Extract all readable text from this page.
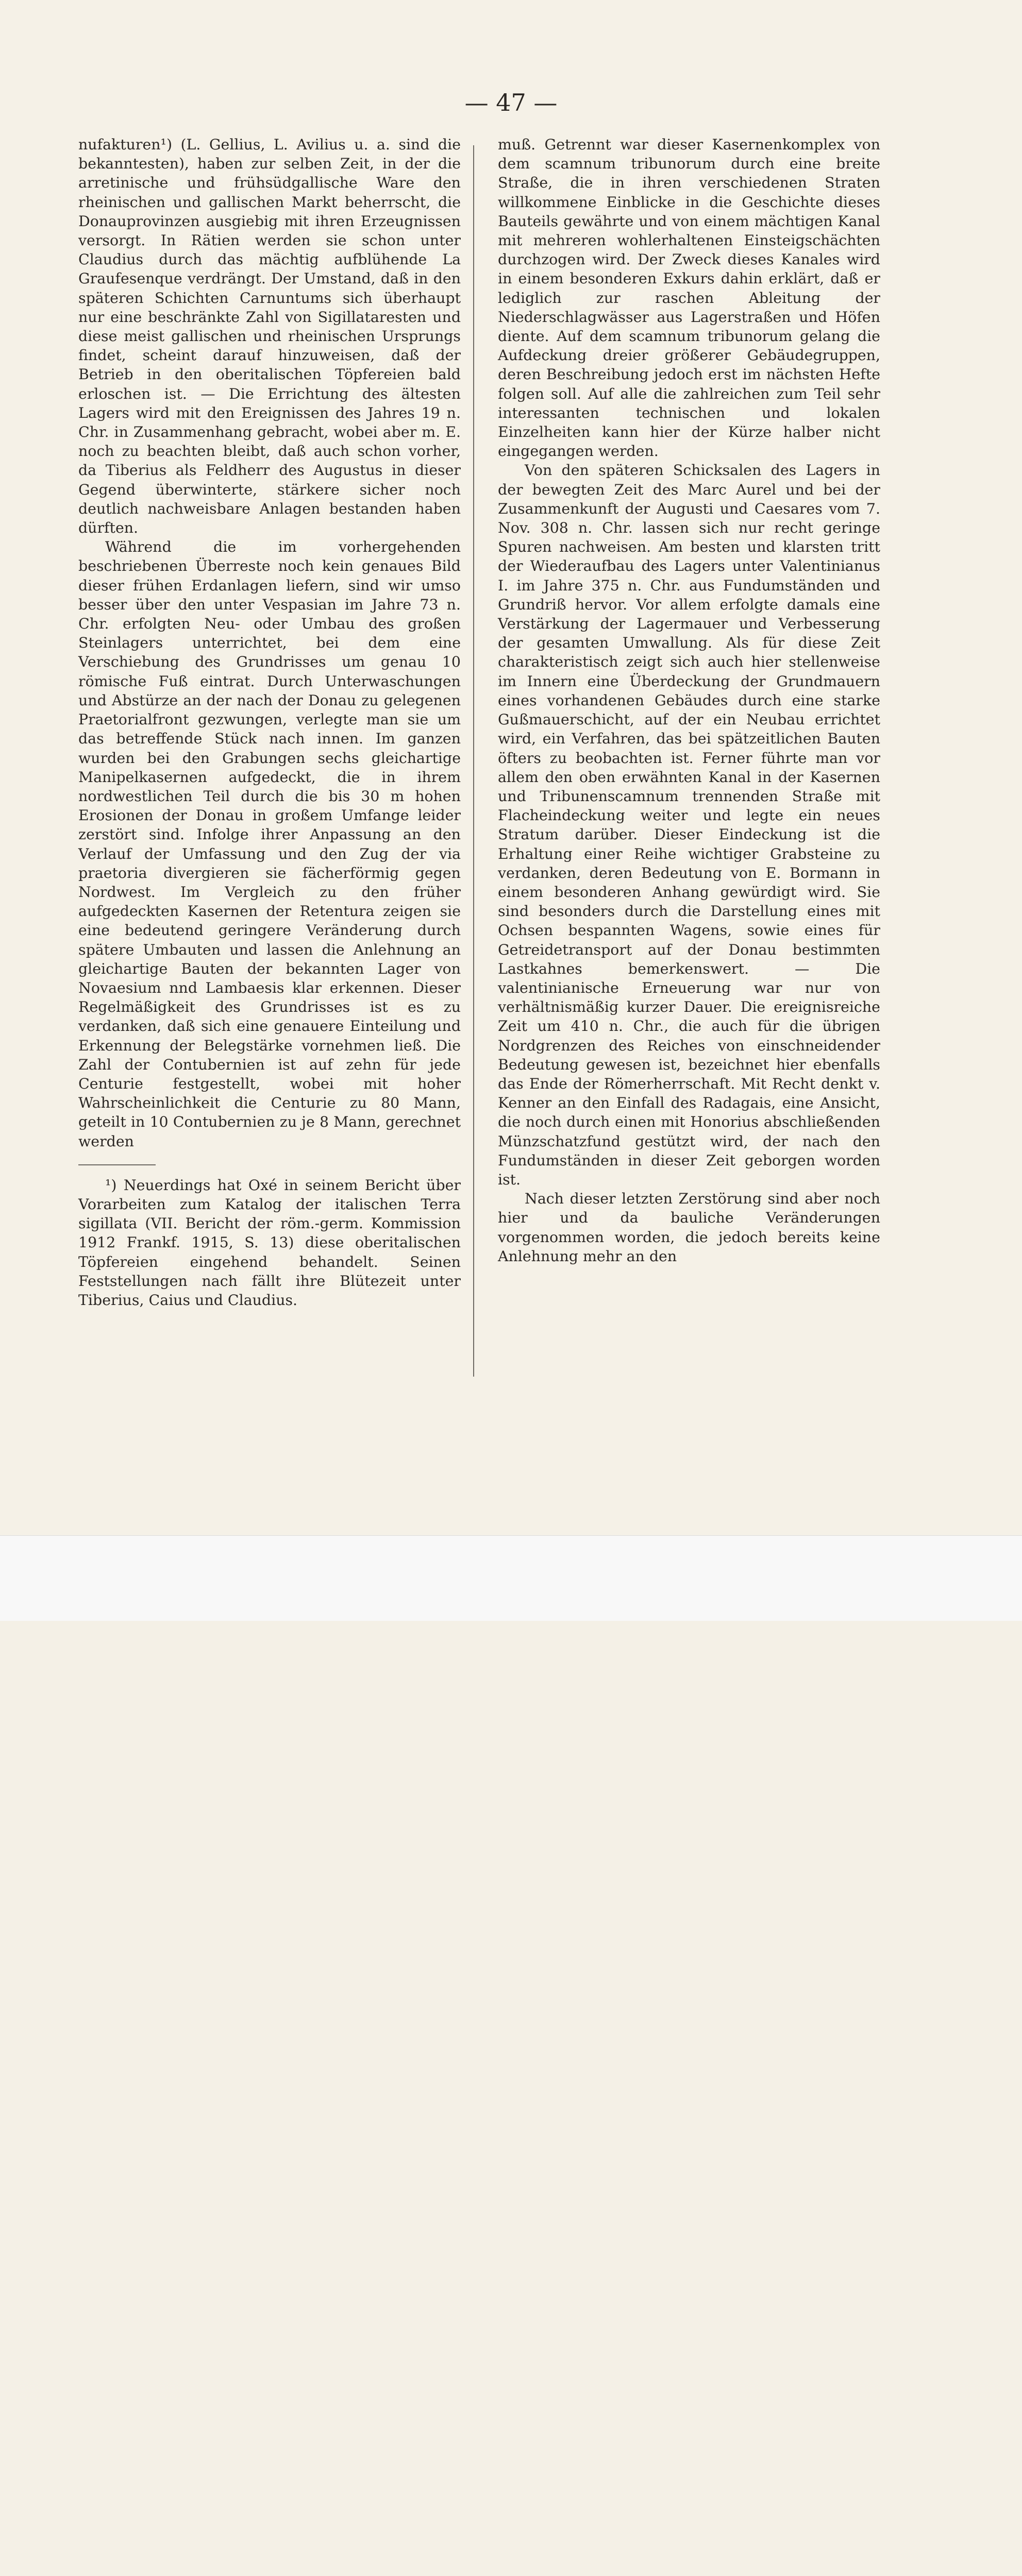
— 47 —

nufakturen¹) (L. Gellius, L. Avilius u. a. sind die bekanntesten), haben zur selben Zeit, in der die arretinische und frühsüdgallische Ware den rheinischen und gallischen Markt beherrscht, die Donauprovinzen ausgiebig mit ihren Erzeugnissen versorgt. In Rätien werden sie schon unter Claudius durch das mächtig aufblühende La Graufesenque verdrängt. Der Umstand, daß in den späteren Schichten Carnuntums sich überhaupt nur eine beschränkte Zahl von Sigillataresten und diese meist gallischen und rheinischen Ursprungs findet, scheint darauf hinzuweisen, daß der Betrieb in den oberitalischen Töpfereien bald erloschen ist. — Die Errichtung des ältesten Lagers wird mit den Ereignissen des Jahres 19 n. Chr. in Zusammenhang gebracht, wobei aber m. E. noch zu beachten bleibt, daß auch schon vorher, da Tiberius als Feldherr des Augustus in dieser Gegend überwinterte, stärkere sicher noch deutlich nachweisbare Anlagen bestanden haben dürften.

Während die im vorhergehenden beschriebenen Überreste noch kein genaues Bild dieser frühen Erdanlagen liefern, sind wir umso besser über den unter Vespasian im Jahre 73 n. Chr. erfolgten Neu- oder Umbau des großen Steinlagers unterrichtet, bei dem eine Verschiebung des Grundrisses um genau 10 römische Fuß eintrat. Durch Unterwaschungen und Abstürze an der nach der Donau zu gelegenen Praetorialfront gezwungen, verlegte man sie um das betreffende Stück nach innen. Im ganzen wurden bei den Grabungen sechs gleichartige Manipelkasernen aufgedeckt, die in ihrem nordwestlichen Teil durch die bis 30 m hohen Erosionen der Donau in großem Umfange leider zerstört sind. Infolge ihrer Anpassung an den Verlauf der Umfassung und den Zug der via praetoria divergieren sie fächerförmig gegen Nordwest. Im Vergleich zu den früher aufgedeckten Kasernen der Retentura zeigen sie eine bedeutend geringere Veränderung durch spätere Umbauten und lassen die Anlehnung an gleichartige Bauten der bekannten Lager von Novaesium nnd Lambaesis klar erkennen. Dieser Regelmäßigkeit des Grundrisses ist es zu verdanken, daß sich eine genauere Einteilung und Erkennung der Belegstärke vornehmen ließ. Die Zahl der Contubernien ist auf zehn für jede Centurie festgestellt, wobei mit hoher Wahrscheinlichkeit die Centurie zu 80 Mann, geteilt in 10 Contubernien zu je 8 Mann, gerechnet werden

¹) Neuerdings hat Oxé in seinem Bericht über Vorarbeiten zum Katalog der italischen Terra sigillata (VII. Bericht der röm.-germ. Kommission 1912 Frankf. 1915, S. 13) diese oberitalischen Töpfereien eingehend behandelt. Seinen Feststellungen nach fällt ihre Blütezeit unter Tiberius, Caius und Claudius.

muß. Getrennt war dieser Kasernenkomplex von dem scamnum tribunorum durch eine breite Straße, die in ihren verschiedenen Straten willkommene Einblicke in die Geschichte dieses Bauteils gewährte und von einem mächtigen Kanal mit mehreren wohlerhaltenen Einsteigschächten durchzogen wird. Der Zweck dieses Kanales wird in einem besonderen Exkurs dahin erklärt, daß er lediglich zur raschen Ableitung der Niederschlagwässer aus Lagerstraßen und Höfen diente. Auf dem scamnum tribunorum gelang die Aufdeckung dreier größerer Gebäudegruppen, deren Beschreibung jedoch erst im nächsten Hefte folgen soll. Auf alle die zahlreichen zum Teil sehr interessanten technischen und lokalen Einzelheiten kann hier der Kürze halber nicht eingegangen werden.

Von den späteren Schicksalen des Lagers in der bewegten Zeit des Marc Aurel und bei der Zusammenkunft der Augusti und Caesares vom 7. Nov. 308 n. Chr. lassen sich nur recht geringe Spuren nachweisen. Am besten und klarsten tritt der Wiederaufbau des Lagers unter Valentinianus I. im Jahre 375 n. Chr. aus Fundumständen und Grundriß hervor. Vor allem erfolgte damals eine Verstärkung der Lagermauer und Verbesserung der gesamten Umwallung. Als für diese Zeit charakteristisch zeigt sich auch hier stellenweise im Innern eine Überdeckung der Grundmauern eines vorhandenen Gebäudes durch eine starke Gußmauerschicht, auf der ein Neubau errichtet wird, ein Verfahren, das bei spätzeitlichen Bauten öfters zu beobachten ist. Ferner führte man vor allem den oben erwähnten Kanal in der Kasernen und Tribunenscamnum trennenden Straße mit Flacheindeckung weiter und legte ein neues Stratum darüber. Dieser Eindeckung ist die Erhaltung einer Reihe wichtiger Grabsteine zu verdanken, deren Bedeutung von E. Bormann in einem besonderen Anhang gewürdigt wird. Sie sind besonders durch die Darstellung eines mit Ochsen bespannten Wagens, sowie eines für Getreidetransport auf der Donau bestimmten Lastkahnes bemerkenswert. — Die valentinianische Erneuerung war nur von verhältnismäßig kurzer Dauer. Die ereignisreiche Zeit um 410 n. Chr., die auch für die übrigen Nordgrenzen des Reiches von einschneidender Bedeutung gewesen ist, bezeichnet hier ebenfalls das Ende der Römerherrschaft. Mit Recht denkt v. Kenner an den Einfall des Radagais, eine Ansicht, die noch durch einen mit Honorius abschließenden Münzschatzfund gestützt wird, der nach den Fundumständen in dieser Zeit geborgen worden ist.

Nach dieser letzten Zerstörung sind aber noch hier und da bauliche Veränderungen vorgenommen worden, die jedoch bereits keine Anlehnung mehr an den
